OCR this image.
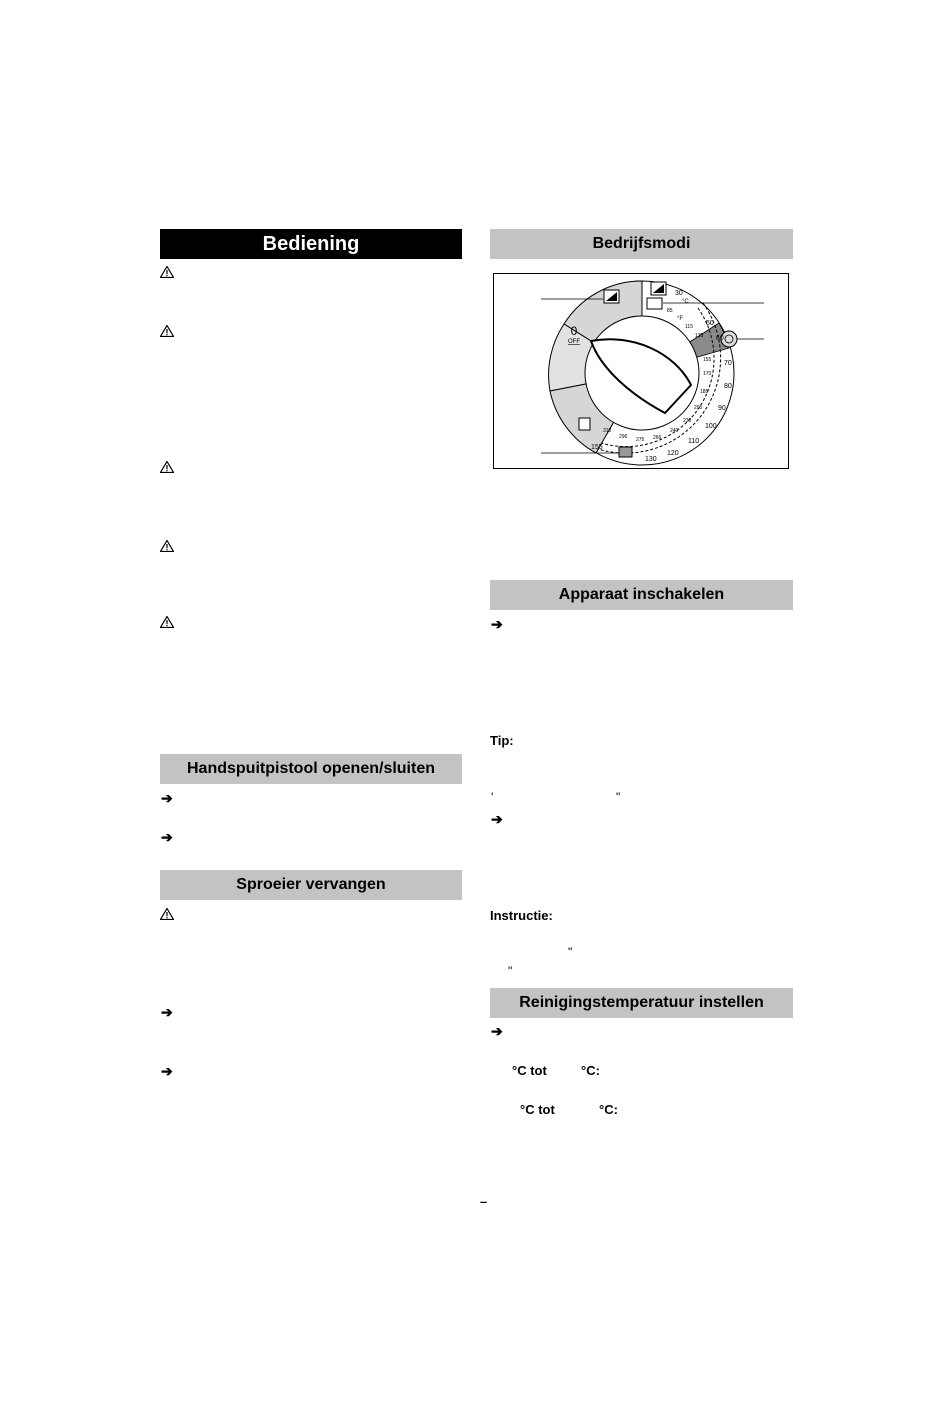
Bediening
Handspuitpistool openen/sluiten
➔
➔
Sproeier vervangen
➔
➔
Bedrijfsmodi
0
OFF
°C
°F
30
50
60
70
80
90
100
110
120
130
155
85
115
135
155
170
185
205
230
240
266
275
296
310
Apparaat inschakelen
➔
Tip:
'	"
➔
Instructie:
"
"
Reinigingstemperatuur instellen
➔
°C tot	°C:
°C tot	°C:
–
